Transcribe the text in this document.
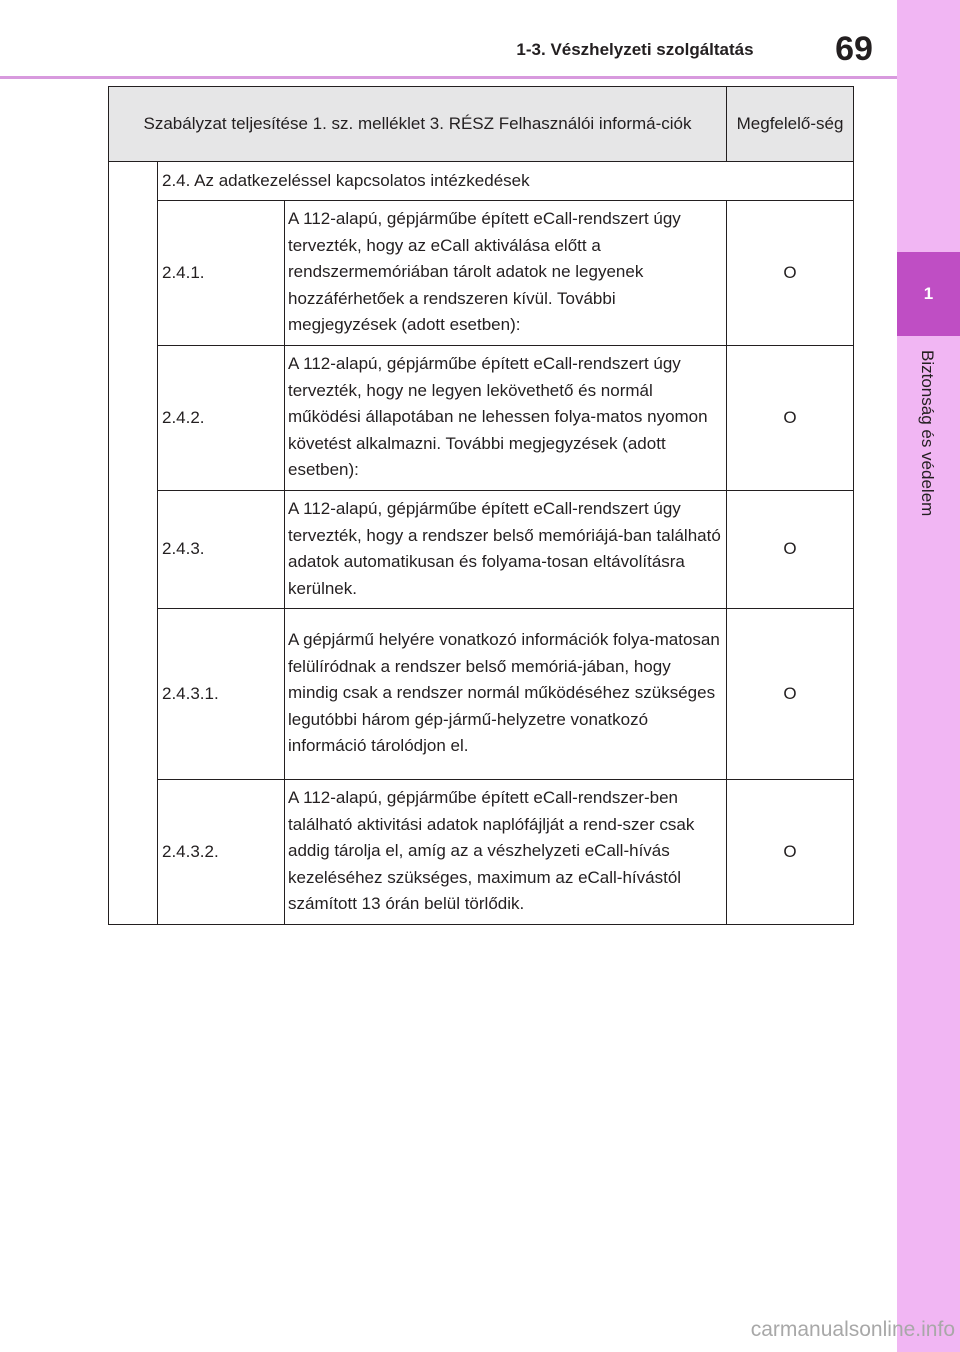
1-3. Vészhelyzeti szolgáltatás	69
1
Biztonság és védelem
Szabályzat teljesítése 1. sz. melléklet 3. RÉSZ Felhasználói informá-ciók			Megfelelő-ség
	2.4. Az adatkezeléssel kapcsolatos intézkedések		
	2.4.1.	A 112-alapú, gépjárműbe épített eCall-rendszert úgy tervezték, hogy az eCall aktiválása előtt a rendszermemóriában tárolt adatok ne legyenek hozzáférhetőek a rendszeren kívül. További megjegyzések (adott esetben):	O
	2.4.2.	A 112-alapú, gépjárműbe épített eCall-rendszert úgy tervezték, hogy ne legyen lekövethető és normál működési állapotában ne lehessen folya-matos nyomon követést alkalmazni. További megjegyzések (adott esetben):	O
	2.4.3.	A 112-alapú, gépjárműbe épített eCall-rendszert úgy tervezték, hogy a rendszer belső memóriájá-ban található adatok automatikusan és folyama-tosan eltávolításra kerülnek.	O
	2.4.3.1.	A gépjármű helyére vonatkozó információk folya-matosan felülíródnak a rendszer belső memóriá-jában, hogy mindig csak a rendszer normál működéséhez szükséges legutóbbi három gép-jármű-helyzetre vonatkozó információ tárolódjon el.	O
	2.4.3.2.	A 112-alapú, gépjárműbe épített eCall-rendszer-ben található aktivitási adatok naplófájlját a rend-szer csak addig tárolja el, amíg az a vészhelyzeti eCall-hívás kezeléséhez szükséges, maximum az eCall-hívástól számított 13 órán belül törlődik.	O
carmanualsonline.info
